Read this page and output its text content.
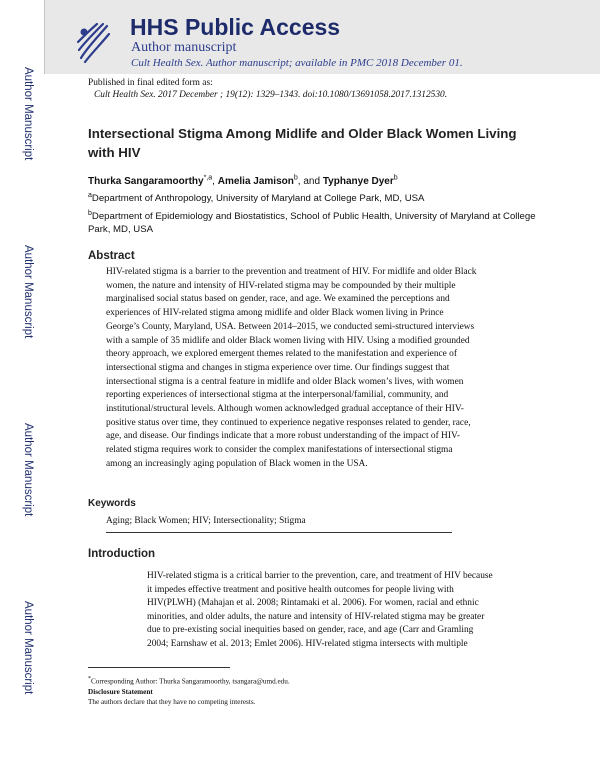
Author Manuscript
Author Manuscript
Author Manuscript
Author Manuscript
HHS Public Access
Author manuscript
Cult Health Sex. Author manuscript; available in PMC 2018 December 01.
Published in final edited form as:
Cult Health Sex. 2017 December ; 19(12): 1329–1343. doi:10.1080/13691058.2017.1312530.
Intersectional Stigma Among Midlife and Older Black Women Living with HIV
Thurka Sangaramoorthy$^{*,a}$, Amelia Jamison$^b$, and Typhanye Dyer$^b$
$^a$Department of Anthropology, University of Maryland at College Park, MD, USA
$^b$Department of Epidemiology and Biostatistics, School of Public Health, University of Maryland at College Park, MD, USA
Abstract
HIV-related stigma is a barrier to the prevention and treatment of HIV. For midlife and older Black
women, the nature and intensity of HIV-related stigma may be compounded by their multiple
marginalised social status based on gender, race, and age. We examined the perceptions and
experiences of HIV-related stigma among midlife and older Black women living in Prince
George’s County, Maryland, USA. Between 2014–2015, we conducted semi-structured interviews
with a sample of 35 midlife and older Black women living with HIV. Using a modified grounded
theory approach, we explored emergent themes related to the manifestation and experience of
intersectional stigma and changes in stigma experience over time. Our findings suggest that
intersectional stigma is a central feature in midlife and older Black women’s lives, with women
reporting experiences of intersectional stigma at the interpersonal/familial, community, and
institutional/structural levels. Although women acknowledged gradual acceptance of their HIV-
positive status over time, they continued to experience negative responses related to gender, race,
age, and disease. Our findings indicate that a more robust understanding of the impact of HIV-
related stigma requires work to consider the complex manifestations of intersectional stigma
among an increasingly aging population of Black women in the USA.
Keywords
Aging; Black Women; HIV; Intersectionality; Stigma
Introduction
HIV-related stigma is a critical barrier to the prevention, care, and treatment of HIV because
it impedes effective treatment and positive health outcomes for people living with
HIV(PLWH) (Mahajan et al. 2008; Rintamaki et al. 2006). For women, racial and ethnic
minorities, and older adults, the nature and intensity of HIV-related stigma may be greater
due to pre-existing social inequities based on gender, race, and age (Carr and Gramling
2004; Earnshaw et al. 2013; Emlet 2006). HIV-related stigma intersects with multiple
*Corresponding Author: Thurka Sangaramoorthy, tsangara@umd.edu.
Disclosure Statement
The authors declare that they have no competing interests.
